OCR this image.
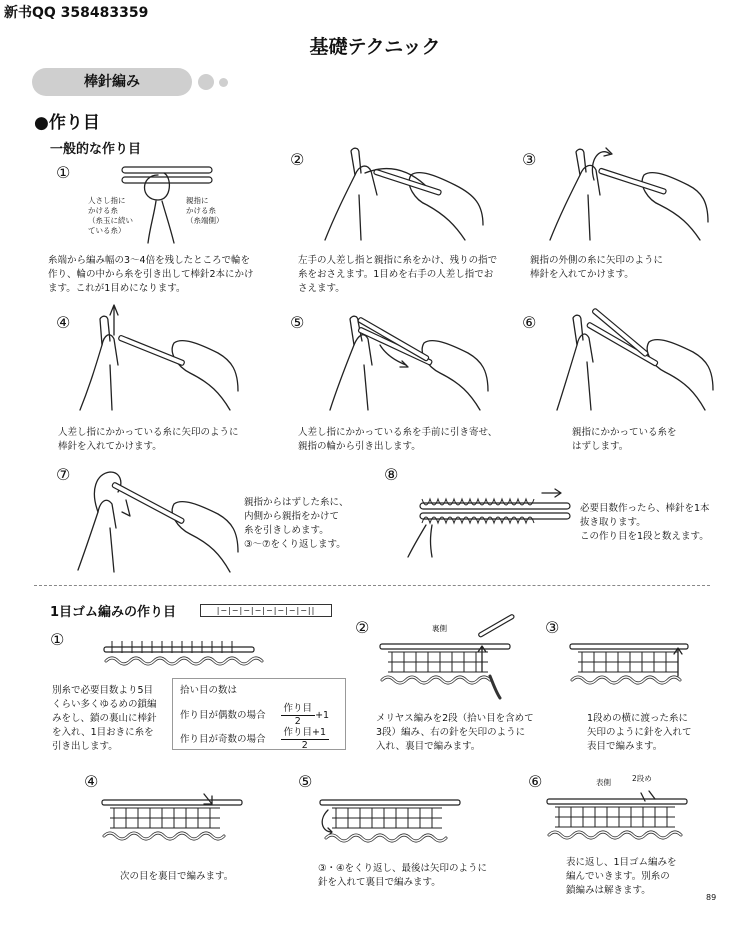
新书QQ 358483359
基礎テクニック
棒針編み
●作り目
一般的な作り目
①
人さし指に
かける糸
（糸玉に続い
ている糸）
親指に
かける糸
（糸端側）
糸端から編み幅の3～4倍を残したところで輪を
作り、輪の中から糸を引き出して棒針2本にかけ
ます。これが1目めになります。
②
左手の人差し指と親指に糸をかけ、残りの指で
糸をおさえます。1目めを右手の人差し指でお
さえます。
③
親指の外側の糸に矢印のように
棒針を入れてかけます。
④
人差し指にかかっている糸に矢印のように
棒針を入れてかけます。
⑤
人差し指にかかっている糸を手前に引き寄せ、
親指の輪から引き出します。
⑥
親指にかかっている糸を
はずします。
⑦
親指からはずした糸に、
内側から親指をかけて
糸を引きしめます。
③～⑦をくり返します。
⑧
必要目数作ったら、棒針を1本
抜き取ります。
この作り目を1段と数えます。
1目ゴム編みの作り目	|−|−|−|−|−|−|−|−||
①
別糸で必要目数より5目
くらい多くゆるめの鎖編
みをし、鎖の裏山に棒針
を入れ、1目おきに糸を
引き出します。
拾い目の数は
作り目が偶数の場合 $\frac{\text{作り目}}{2} +1$
作り目が奇数の場合 $\frac{\text{作り目+1}}{2}$
②	裏側
メリヤス編みを2段（拾い目を含めて
3段）編み、右の針を矢印のように
入れ、裏目で編みます。
③
1段めの横に渡った糸に
矢印のように針を入れて
表目で編みます。
④
次の目を裏目で編みます。
⑤
③・④をくり返し、最後は矢印のように
針を入れて裏目で編みます。
⑥	表側	2段め
表に返し、1目ゴム編みを
編んでいきます。別糸の
鎖編みは解きます。
89
